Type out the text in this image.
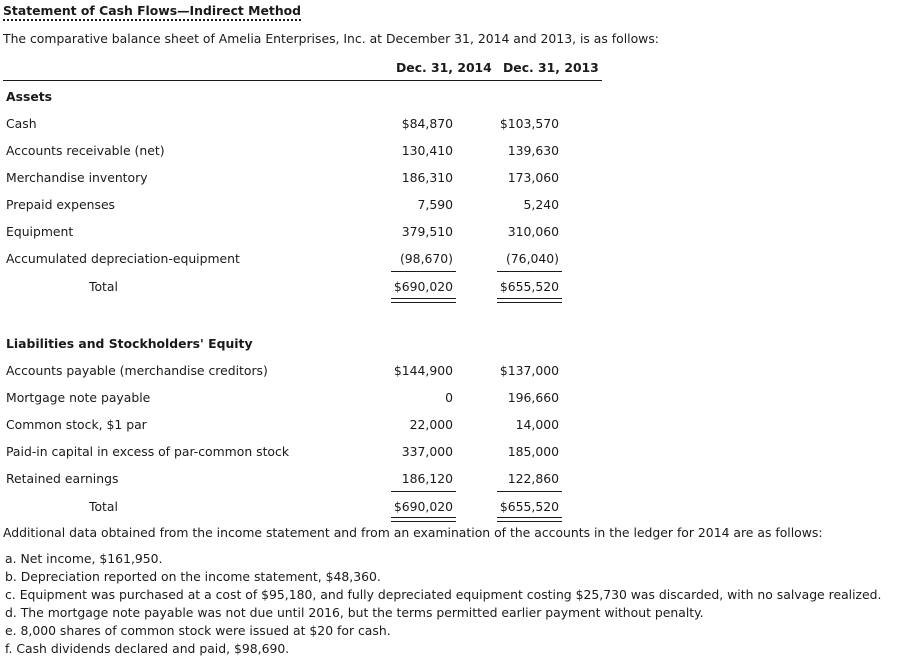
Statement of Cash Flows—Indirect Method
The comparative balance sheet of Amelia Enterprises, Inc. at December 31, 2014 and 2013, is as follows:
Dec. 31, 2014 Dec. 31, 2013
Assets
Cash	$84,870	$103,570
Accounts receivable (net)	130,410	139,630
Merchandise inventory	186,310	173,060
Prepaid expenses	7,590	5,240
Equipment	379,510	310,060
Accumulated depreciation-equipment	(98,670)	(76,040)
Total	$690,020	$655,520
Liabilities and Stockholders' Equity
Accounts payable (merchandise creditors)	$144,900	$137,000
Mortgage note payable	0	196,660
Common stock, $1 par	22,000	14,000
Paid-in capital in excess of par-common stock	337,000	185,000
Retained earnings	186,120	122,860
Total	$690,020	$655,520
Additional data obtained from the income statement and from an examination of the accounts in the ledger for 2014 are as follows:
a. Net income, $161,950.
b. Depreciation reported on the income statement, $48,360.
c. Equipment was purchased at a cost of $95,180, and fully depreciated equipment costing $25,730 was discarded, with no salvage realized.
d. The mortgage note payable was not due until 2016, but the terms permitted earlier payment without penalty.
e. 8,000 shares of common stock were issued at $20 for cash.
f. Cash dividends declared and paid, $98,690.
